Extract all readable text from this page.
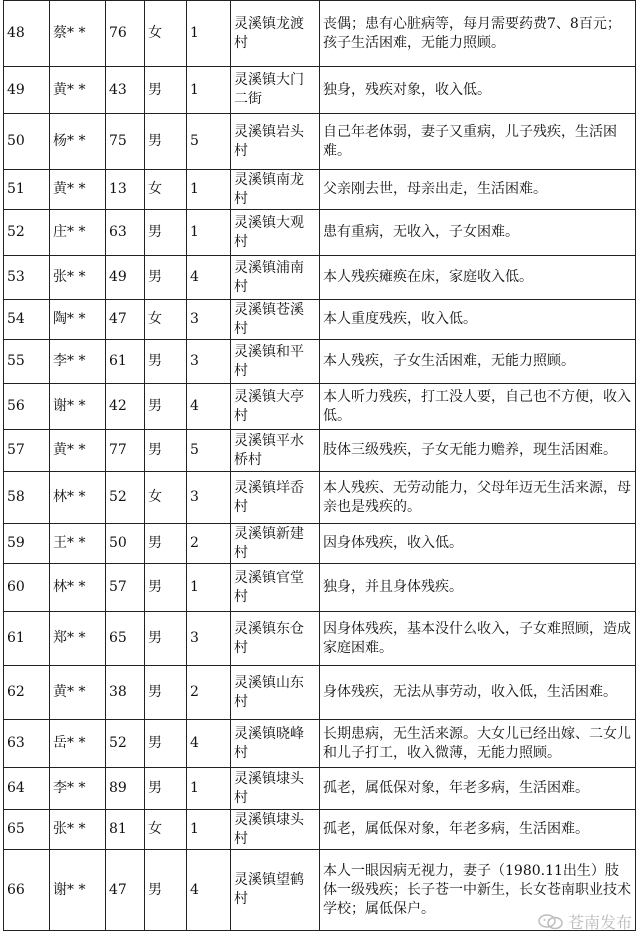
48	蔡* *	76	女	1	灵溪镇龙渡村	丧偶；患有心脏病等，每月需要药费7、8百元；孩子生活困难，无能力照顾。
49	黄* *	43	男	1	灵溪镇大门二街	独身，残疾对象，收入低。
50	杨* *	75	男	5	灵溪镇岩头村	自己年老体弱，妻子又重病，儿子残疾，生活困难。
51	黄* *	13	女	1	灵溪镇南龙村	父亲刚去世，母亲出走，生活困难。
52	庄* *	63	男	1	灵溪镇大观村	患有重病，无收入，子女困难。
53	张* *	49	男	4	灵溪镇浦南村	本人残疾瘫痪在床，家庭收入低。
54	陶* *	47	女	3	灵溪镇苍溪村	本人重度残疾，收入低。
55	李* *	61	男	3	灵溪镇和平村	本人残疾，子女生活困难，无能力照顾。
56	谢* *	42	男	4	灵溪镇大亭村	本人听力残疾，打工没人要，自己也不方便，收入低。
57	黄* *	77	男	5	灵溪镇平水桥村	肢体三级残疾，子女无能力赡养，现生活困难。
58	林* *	52	女	3	灵溪镇垟岙村	本人残疾、无劳动能力，父母年迈无生活来源，母亲也是残疾的。
59	王* *	50	男	2	灵溪镇新建村	因身体残疾，收入低。
60	林* *	57	男	1	灵溪镇官堂村	独身，并且身体残疾。
61	郑* *	65	男	3	灵溪镇东仓村	因身体残疾，基本没什么收入，子女难照顾，造成家庭困难。
62	黄* *	38	男	2	灵溪镇山东村	身体残疾，无法从事劳动，收入低，生活困难。
63	岳* *	52	男	4	灵溪镇晓峰村	长期患病，无生活来源。大女儿已经出嫁、二女儿和儿子打工，收入微薄，无能力照顾。
64	李* *	89	男	1	灵溪镇埭头村	孤老，属低保对象，年老多病，生活困难。
65	张* *	81	女	1	灵溪镇埭头村	孤老，属低保对象，年老多病，生活困难。
66	谢* *	47	男	4	灵溪镇望鹤村	本人一眼因病无视力，妻子（1980.11出生）肢体一级残疾；长子苍一中新生，长女苍南职业技术学校；属低保户。
苍南发布
